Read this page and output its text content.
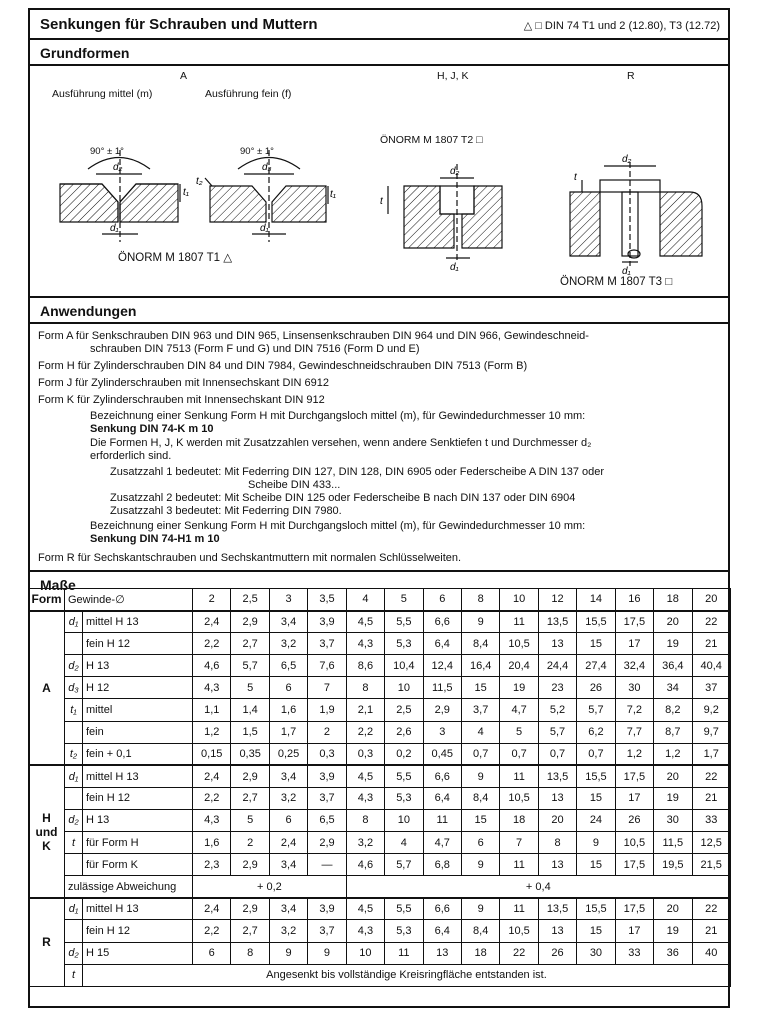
Senkungen für Schrauben und Muttern	△ □ DIN 74 T1 und 2 (12.80), T3 (12.72)
Grundformen
A	H, J, K	R
Ausführung mittel (m)	Ausführung fein (f)
ÖNORM M 1807 T2 □
ÖNORM M 1807 T1 △
ÖNORM M 1807 T3 □
90° ± 1°	90° ± 1°
d₂
d₁
t₁
d₃
d₁
t₁
t₂
d₂
d₁
t
d₂
d₁
t
Anwendungen
Form A für Senkschrauben DIN 963 und DIN 965, Linsensenkschrauben DIN 964 und DIN 966, Gewindeschneid-
schrauben DIN 7513 (Form F und G) und DIN 7516 (Form D und E)
Form H für Zylinderschrauben DIN 84 und DIN 7984, Gewindeschneidschrauben DIN 7513 (Form B)
Form J für Zylinderschrauben mit Innensechskant DIN 6912
Form K für Zylinderschrauben mit Innensechskant DIN 912
Bezeichnung einer Senkung Form H mit Durchgangsloch mittel (m), für Gewindedurchmesser 10 mm:
Senkung DIN 74-K m 10
Die Formen H, J, K werden mit Zusatzzahlen versehen, wenn andere Senktiefen t und Durchmesser d₂
erforderlich sind.
Zusatzzahl 1 bedeutet: Mit Federring DIN 127, DIN 128, DIN 6905 oder Federscheibe A DIN 137 oder
Scheibe DIN 433...
Zusatzzahl 2 bedeutet: Mit Scheibe DIN 125 oder Federscheibe B nach DIN 137 oder DIN 6904
Zusatzzahl 3 bedeutet: Mit Federring DIN 7980.
Bezeichnung einer Senkung Form H mit Durchgangsloch mittel (m), für Gewindedurchmesser 10 mm:
Senkung DIN 74-H1 m 10
Form R für Sechskantschrauben und Sechskantmuttern mit normalen Schlüsselweiten.
Maße
Form	Gewinde-∅		2	2,5	3	3,5	4	5	6	8	10	12	14	16	18	20
A	d₁	mittel H 13	2,4	2,9	3,4	3,9	4,5	5,5	6,6	9	11	13,5	15,5	17,5	20	22
		fein H 12	2,2	2,7	3,2	3,7	4,3	5,3	6,4	8,4	10,5	13	15	17	19	21
	d₂	H 13	4,6	5,7	6,5	7,6	8,6	10,4	12,4	16,4	20,4	24,4	27,4	32,4	36,4	40,4
	d₃	H 12	4,3	5	6	7	8	10	11,5	15	19	23	26	30	34	37
	t₁	mittel	1,1	1,4	1,6	1,9	2,1	2,5	2,9	3,7	4,7	5,2	5,7	7,2	8,2	9,2
		fein	1,2	1,5	1,7	2	2,2	2,6	3	4	5	5,7	6,2	7,7	8,7	9,7
	t₂	fein + 0,1	0,15	0,35	0,25	0,3	0,3	0,2	0,45	0,7	0,7	0,7	0,7	1,2	1,2	1,7
H
und
K	d₁	mittel H 13	2,4	2,9	3,4	3,9	4,5	5,5	6,6	9	11	13,5	15,5	17,5	20	22
		fein H 12	2,2	2,7	3,2	3,7	4,3	5,3	6,4	8,4	10,5	13	15	17	19	21
	d₂	H 13	4,3	5	6	6,5	8	10	11	15	18	20	24	26	30	33
	t	für Form H	1,6	2	2,4	2,9	3,2	4	4,7	6	7	8	9	10,5	11,5	12,5
		für Form K	2,3	2,9	3,4	—	4,6	5,7	6,8	9	11	13	15	17,5	19,5	21,5
	zulässige Abweichung		+ 0,2				+ 0,4									
R	d₁	mittel H 13	2,4	2,9	3,4	3,9	4,5	5,5	6,6	9	11	13,5	15,5	17,5	20	22
		fein H 12	2,2	2,7	3,2	3,7	4,3	5,3	6,4	8,4	10,5	13	15	17	19	21
	d₂	H 15	6	8	9	9	10	11	13	18	22	26	30	33	36	40
	t	Angesenkt bis vollständige Kreisringfläche entstanden ist.														
